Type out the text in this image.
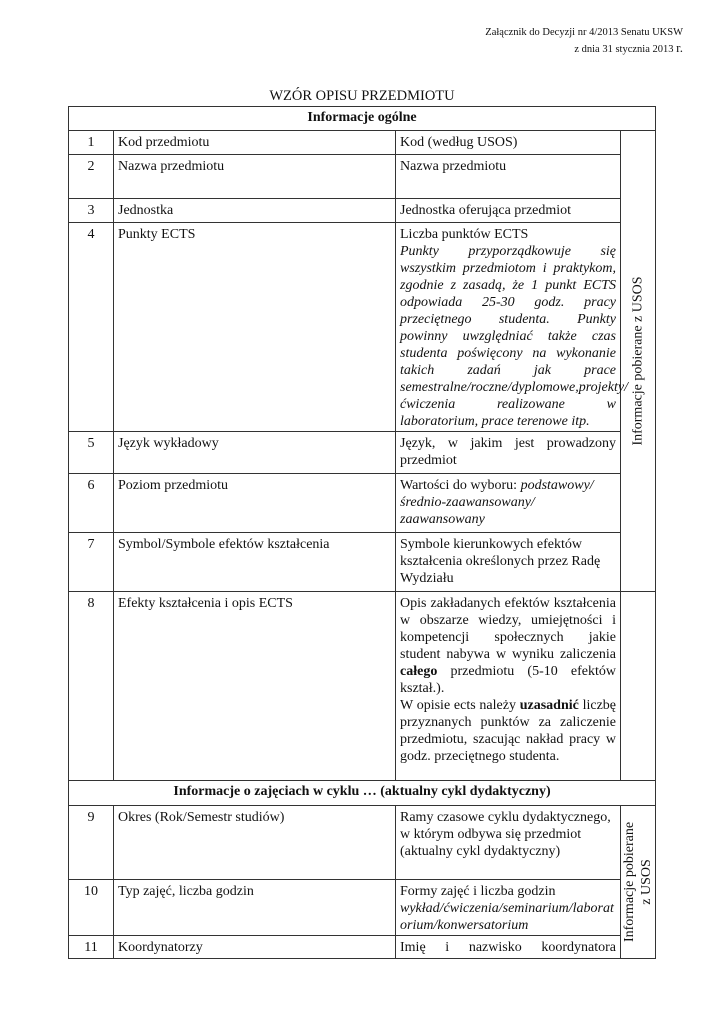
Załącznik do Decyzji nr 4/2013 Senatu UKSW
z dnia 31 stycznia 2013 r.
WZÓR OPISU PRZEDMIOTU
Informacje ogólne			
1	Kod przedmiotu	Kod (według USOS)	Informacje pobierane z USOS

2	Nazwa przedmiotu	Nazwa przedmiotu	
3	Jednostka	Jednostka oferująca przedmiot	
4	Punkty ECTS	Liczba punktów ECTS
Punkty przyporządkowuje się wszystkim przedmiotom i praktykom, zgodnie z zasadą, że 1 punkt ECTS odpowiada 25-30 godz. pracy przeciętnego studenta. Punkty powinny uwzględniać także czas studenta poświęcony na wykonanie takich zadań jak prace semestralne/roczne/dyplomowe,projekty/ćwiczenia realizowane w laboratorium, prace terenowe itp.	

5	Język wykładowy	Język, w jakim jest prowadzony przedmiot	
6	Poziom przedmiotu	Wartości do wyboru: podstawowy/ średnio-zaawansowany/ zaawansowany	
7	Symbol/Symbole efektów kształcenia	Symbole kierunkowych efektów kształcenia określonych przez Radę Wydziału	
8	Efekty kształcenia i opis ECTS	Opis zakładanych efektów kształcenia w obszarze wiedzy, umiejętności i kompetencji społecznych jakie student nabywa w wyniku zaliczenia całego przedmiotu (5-10 efektów kształ.).
W opisie ects należy uzasadnić liczbę przyznanych punktów za zaliczenie przedmiotu, szacując nakład pracy w godz. przeciętnego studenta.	

Informacje o zajęciach w cyklu … (aktualny cykl dydaktyczny)			
9	Okres (Rok/Semestr studiów)	Ramy czasowe cyklu dydaktycznego, w którym odbywa się przedmiot (aktualny cykl dydaktyczny)	Informacje pobierane z USOS

10	Typ zajęć, liczba godzin	Formy zajęć i liczba godzin
wykład/ćwiczenia/seminarium/laboratorium/konwersatorium	

11	Koordynatorzy	Imię i nazwisko koordynatora	
